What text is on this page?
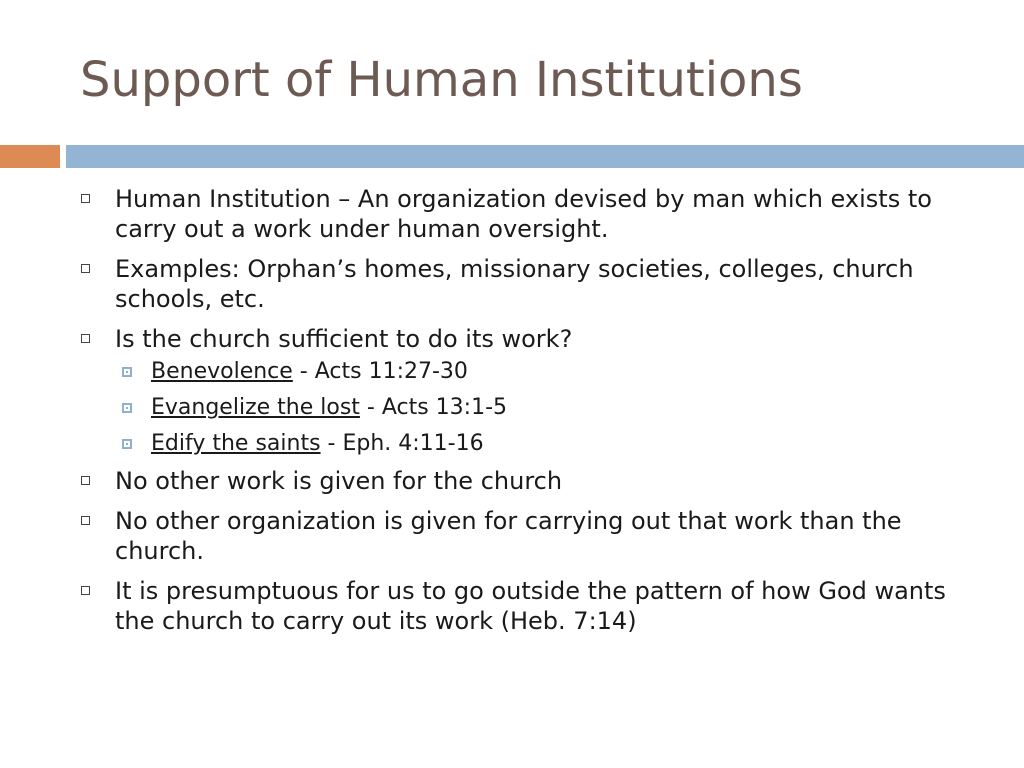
Support of Human Institutions
Human Institution – An organization devised by man which exists to carry out a work under human oversight.
Examples: Orphan’s homes, missionary societies, colleges, church schools, etc.
Is the church sufficient to do its work?
Benevolence - Acts 11:27-30
Evangelize the lost - Acts 13:1-5
Edify the saints - Eph. 4:11-16
No other work is given for the church
No other organization is given for carrying out that work than the church.
It is presumptuous for us to go outside the pattern of how God wants the church to carry out its work (Heb. 7:14)
